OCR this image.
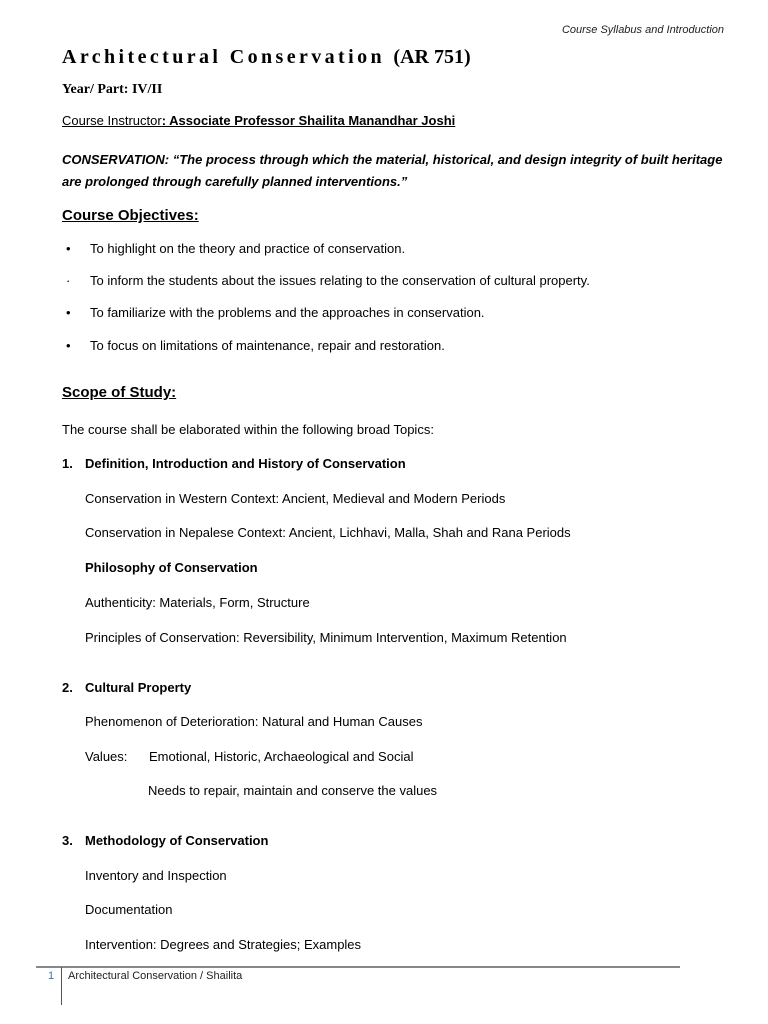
Course Syllabus and Introduction
Architectural Conservation (AR 751)
Year/ Part: IV/II
Course Instructor: Associate Professor Shailita Manandhar Joshi
CONSERVATION: “The process through which the material, historical, and design integrity of built heritage are prolonged through carefully planned interventions.”
Course Objectives:
• To highlight on the theory and practice of conservation.
· To inform the students about the issues relating to the conservation of cultural property.
• To familiarize with the problems and the approaches in conservation.
• To focus on limitations of maintenance, repair and restoration.
Scope of Study:
The course shall be elaborated within the following broad Topics:
1. Definition, Introduction and History of Conservation
Conservation in Western Context: Ancient, Medieval and Modern Periods
Conservation in Nepalese Context: Ancient, Lichhavi, Malla, Shah and Rana Periods
Philosophy of Conservation
Authenticity: Materials, Form, Structure
Principles of Conservation: Reversibility, Minimum Intervention, Maximum Retention
2. Cultural Property
Phenomenon of Deterioration: Natural and Human Causes
Values: Emotional, Historic, Archaeological and Social
Needs to repair, maintain and conserve the values
3. Methodology of Conservation
Inventory and Inspection
Documentation
Intervention: Degrees and Strategies; Examples
1 Architectural Conservation / Shailita
